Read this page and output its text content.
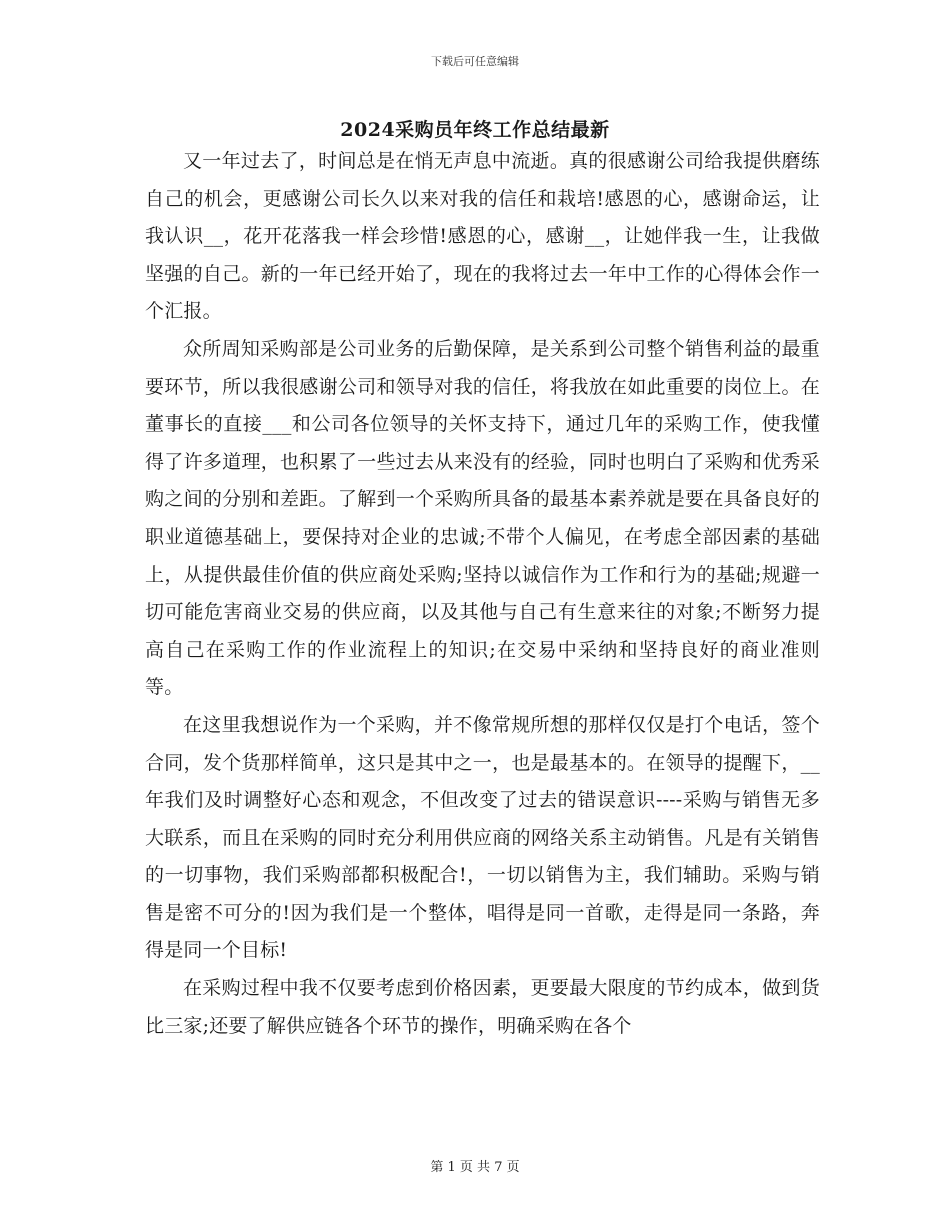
下载后可任意编辑
2024采购员年终工作总结最新

又一年过去了，时间总是在悄无声息中流逝。真的很感谢公司给我提供磨练自己的机会，更感谢公司长久以来对我的信任和栽培!感恩的心，感谢命运，让我认识__，花开花落我一样会珍惜!感恩的心，感谢__，让她伴我一生，让我做坚强的自己。新的一年已经开始了，现在的我将过去一年中工作的心得体会作一个汇报。

众所周知采购部是公司业务的后勤保障，是关系到公司整个销售利益的最重要环节，所以我很感谢公司和领导对我的信任，将我放在如此重要的岗位上。在董事长的直接___和公司各位领导的关怀支持下，通过几年的采购工作，使我懂得了许多道理，也积累了一些过去从来没有的经验，同时也明白了采购和优秀采购之间的分别和差距。了解到一个采购所具备的最基本素养就是要在具备良好的职业道德基础上，要保持对企业的忠诚;不带个人偏见，在考虑全部因素的基础上，从提供最佳价值的供应商处采购;坚持以诚信作为工作和行为的基础;规避一切可能危害商业交易的供应商，以及其他与自己有生意来往的对象;不断努力提高自己在采购工作的作业流程上的知识;在交易中采纳和坚持良好的商业准则等。

在这里我想说作为一个采购，并不像常规所想的那样仅仅是打个电话，签个合同，发个货那样简单，这只是其中之一，也是最基本的。在领导的提醒下，__年我们及时调整好心态和观念，不但改变了过去的错误意识----采购与销售无多大联系，而且在采购的同时充分利用供应商的网络关系主动销售。凡是有关销售的一切事物，我们采购部都积极配合!，一切以销售为主，我们辅助。采购与销售是密不可分的!因为我们是一个整体，唱得是同一首歌，走得是同一条路，奔得是同一个目标!

在采购过程中我不仅要考虑到价格因素，更要最大限度的节约成本，做到货比三家;还要了解供应链各个环节的操作，明确采购在各个

第 1 页 共 7 页
